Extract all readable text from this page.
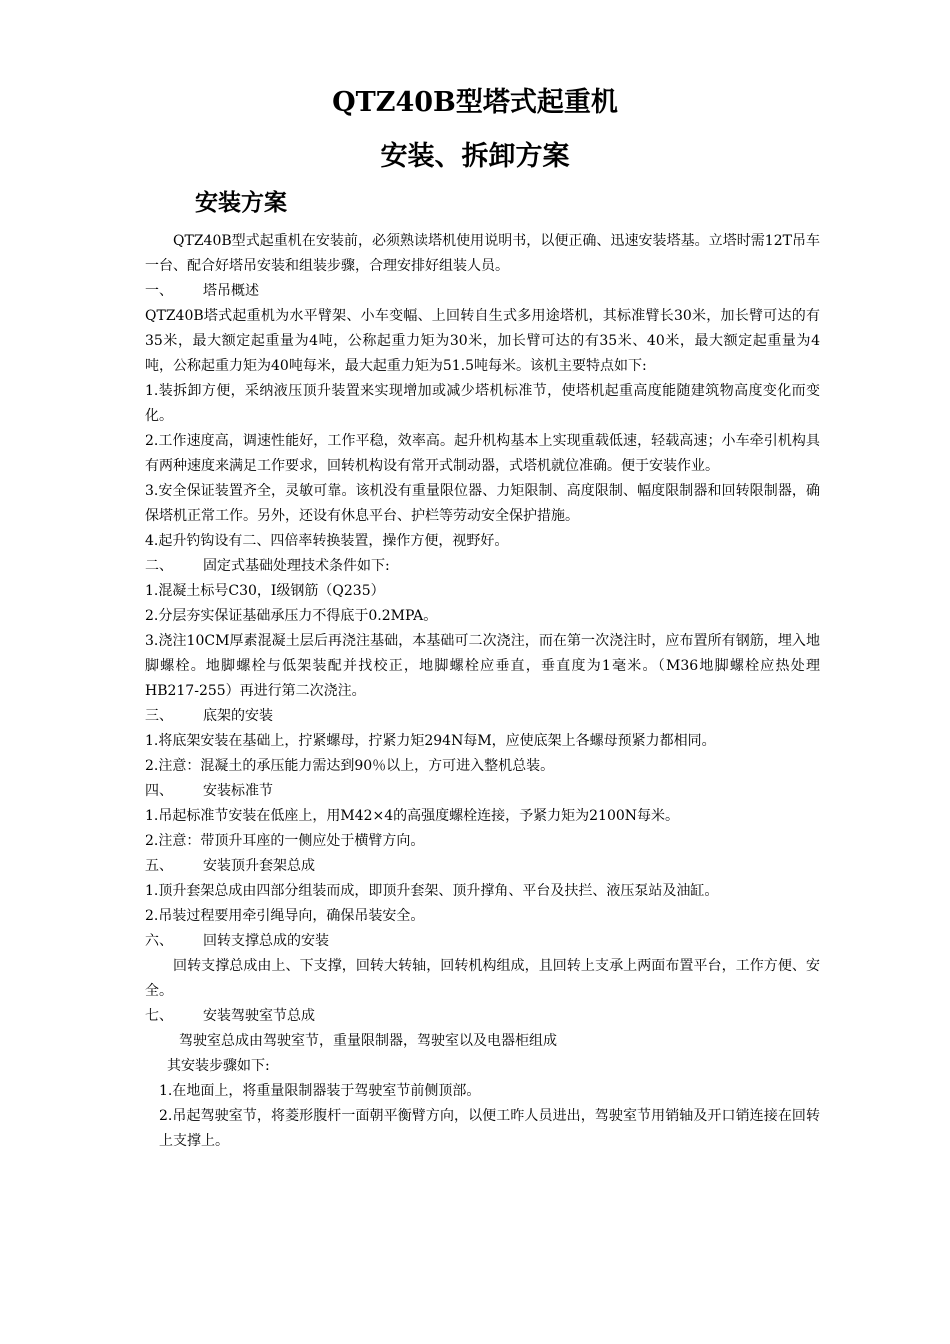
QTZ40B型塔式起重机
安装、拆卸方案
安装方案

QTZ40B型式起重机在安装前，必须熟读塔机使用说明书，以便正确、迅速安装塔基。立塔时需12T吊车一台、配合好塔吊安装和组装步骤，合理安排好组装人员。

一、 塔吊概述

QTZ40B塔式起重机为水平臂架、小车变幅、上回转自生式多用途塔机，其标准臂长30米，加长臂可达的有35米，最大额定起重量为4吨，公称起重力矩为30米，加长臂可达的有35米、40米，最大额定起重量为4吨，公称起重力矩为40吨每米，最大起重力矩为51.5吨每米。该机主要特点如下:

1.装拆卸方便，采纳液压顶升装置来实现增加或减少塔机标准节，使塔机起重高度能随建筑物高度变化而变化。

2.工作速度高，调速性能好，工作平稳，效率高。起升机构基本上实现重载低速，轻载高速；小车牵引机构具有两种速度来满足工作要求，回转机构设有常开式制动器，式塔机就位准确。便于安装作业。

3.安全保证装置齐全，灵敏可靠。该机没有重量限位器、力矩限制、高度限制、幅度限制器和回转限制器，确保塔机正常工作。另外，还设有休息平台、护栏等劳动安全保护措施。

4.起升钓钩设有二、四倍率转换装置，操作方便，视野好。

二、 固定式基础处理技术条件如下:

1.混凝土标号C30，Ⅰ级钢筋（Q235）

2.分层夯实保证基础承压力不得底于0.2MPA。

3.浇注10CM厚素混凝土层后再浇注基础，本基础可二次浇注，而在第一次浇注时，应布置所有钢筋，埋入地脚螺栓。地脚螺栓与低架装配并找校正，地脚螺栓应垂直，垂直度为1毫米。（M36地脚螺栓应热处理HB217-255）再进行第二次浇注。

三、 底架的安装

1.将底架安装在基础上，拧紧螺母，拧紧力矩294N每M，应使底架上各螺母预紧力都相同。

2.注意：混凝土的承压能力需达到90％以上，方可进入整机总装。

四、 安装标准节

1.吊起标准节安装在低座上，用M42×4的高强度螺栓连接，予紧力矩为2100N每米。

2.注意：带顶升耳座的一侧应处于横臂方向。

五、 安装顶升套架总成

1.顶升套架总成由四部分组装而成，即顶升套架、顶升撑角、平台及扶拦、液压泵站及油缸。

2.吊装过程要用牵引绳导向，确保吊装安全。

六、 回转支撑总成的安装

回转支撑总成由上、下支撑，回转大转轴，回转机构组成，且回转上支承上两面布置平台，工作方便、安全。

七、 安装驾驶室节总成

驾驶室总成由驾驶室节，重量限制器，驾驶室以及电器柜组成

其安装步骤如下:

1.在地面上，将重量限制器装于驾驶室节前侧顶部。

2.吊起驾驶室节，将菱形腹杆一面朝平衡臂方向，以便工昨人员进出，驾驶室节用销轴及开口销连接在回转上支撑上。
